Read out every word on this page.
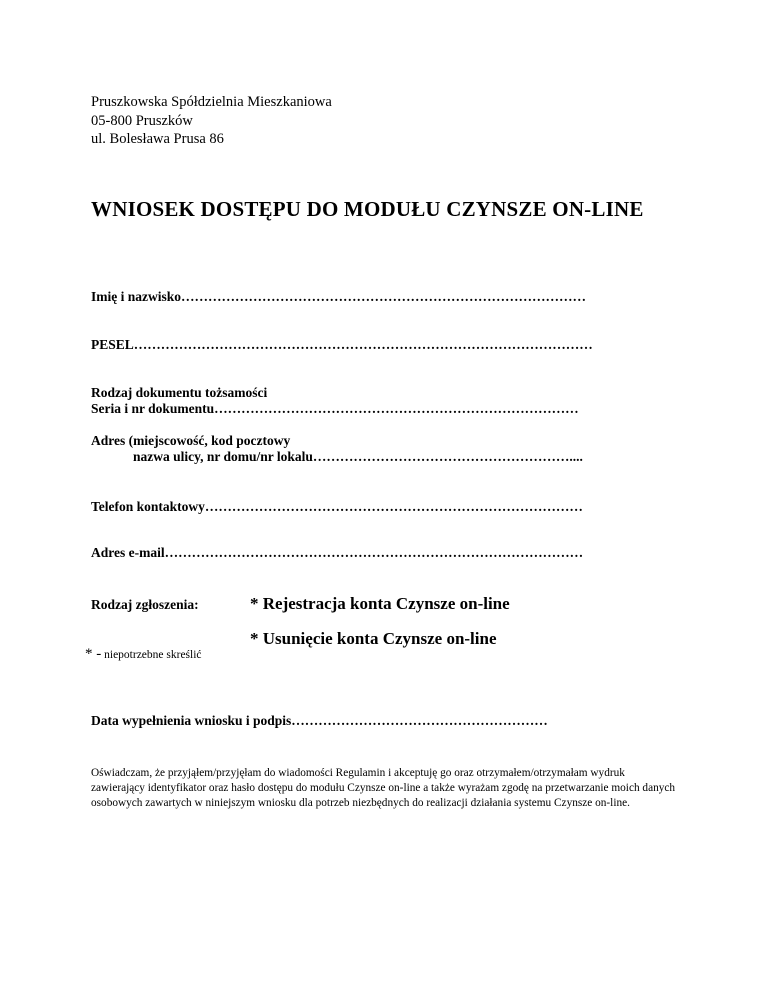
Pruszkowska Spółdzielnia Mieszkaniowa
05-800 Pruszków
ul. Bolesława Prusa 86
WNIOSEK DOSTĘPU DO MODUŁU CZYNSZE ON-LINE
Imię i nazwisko………………………………………………………………………………
PESEL…………………………………………………………………………………………
Rodzaj dokumentu tożsamości
Seria i nr dokumentu………………………………………………………………………
Adres (miejscowość, kod pocztowy
nazwa ulicy, nr domu/nr lokalu…………………………………………………....
Telefon kontaktowy…………………………………………………………………………
Adres e-mail…………………………………………………………………………………
Rodzaj zgłoszenia:	* Rejestracja konta Czynsze on-line
* Usunięcie konta Czynsze on-line
* - niepotrzebne skreślić
Data wypełnienia wniosku i podpis…………………………………………………
Oświadczam, że przyjąłem/przyjęłam do wiadomości Regulamin i akceptuję go oraz otrzymałem/otrzymałam wydruk zawierający identyfikator oraz hasło dostępu do modułu Czynsze on-line a także wyrażam zgodę na przetwarzanie moich danych osobowych zawartych w niniejszym wniosku dla potrzeb niezbędnych do realizacji działania systemu Czynsze on-line.
